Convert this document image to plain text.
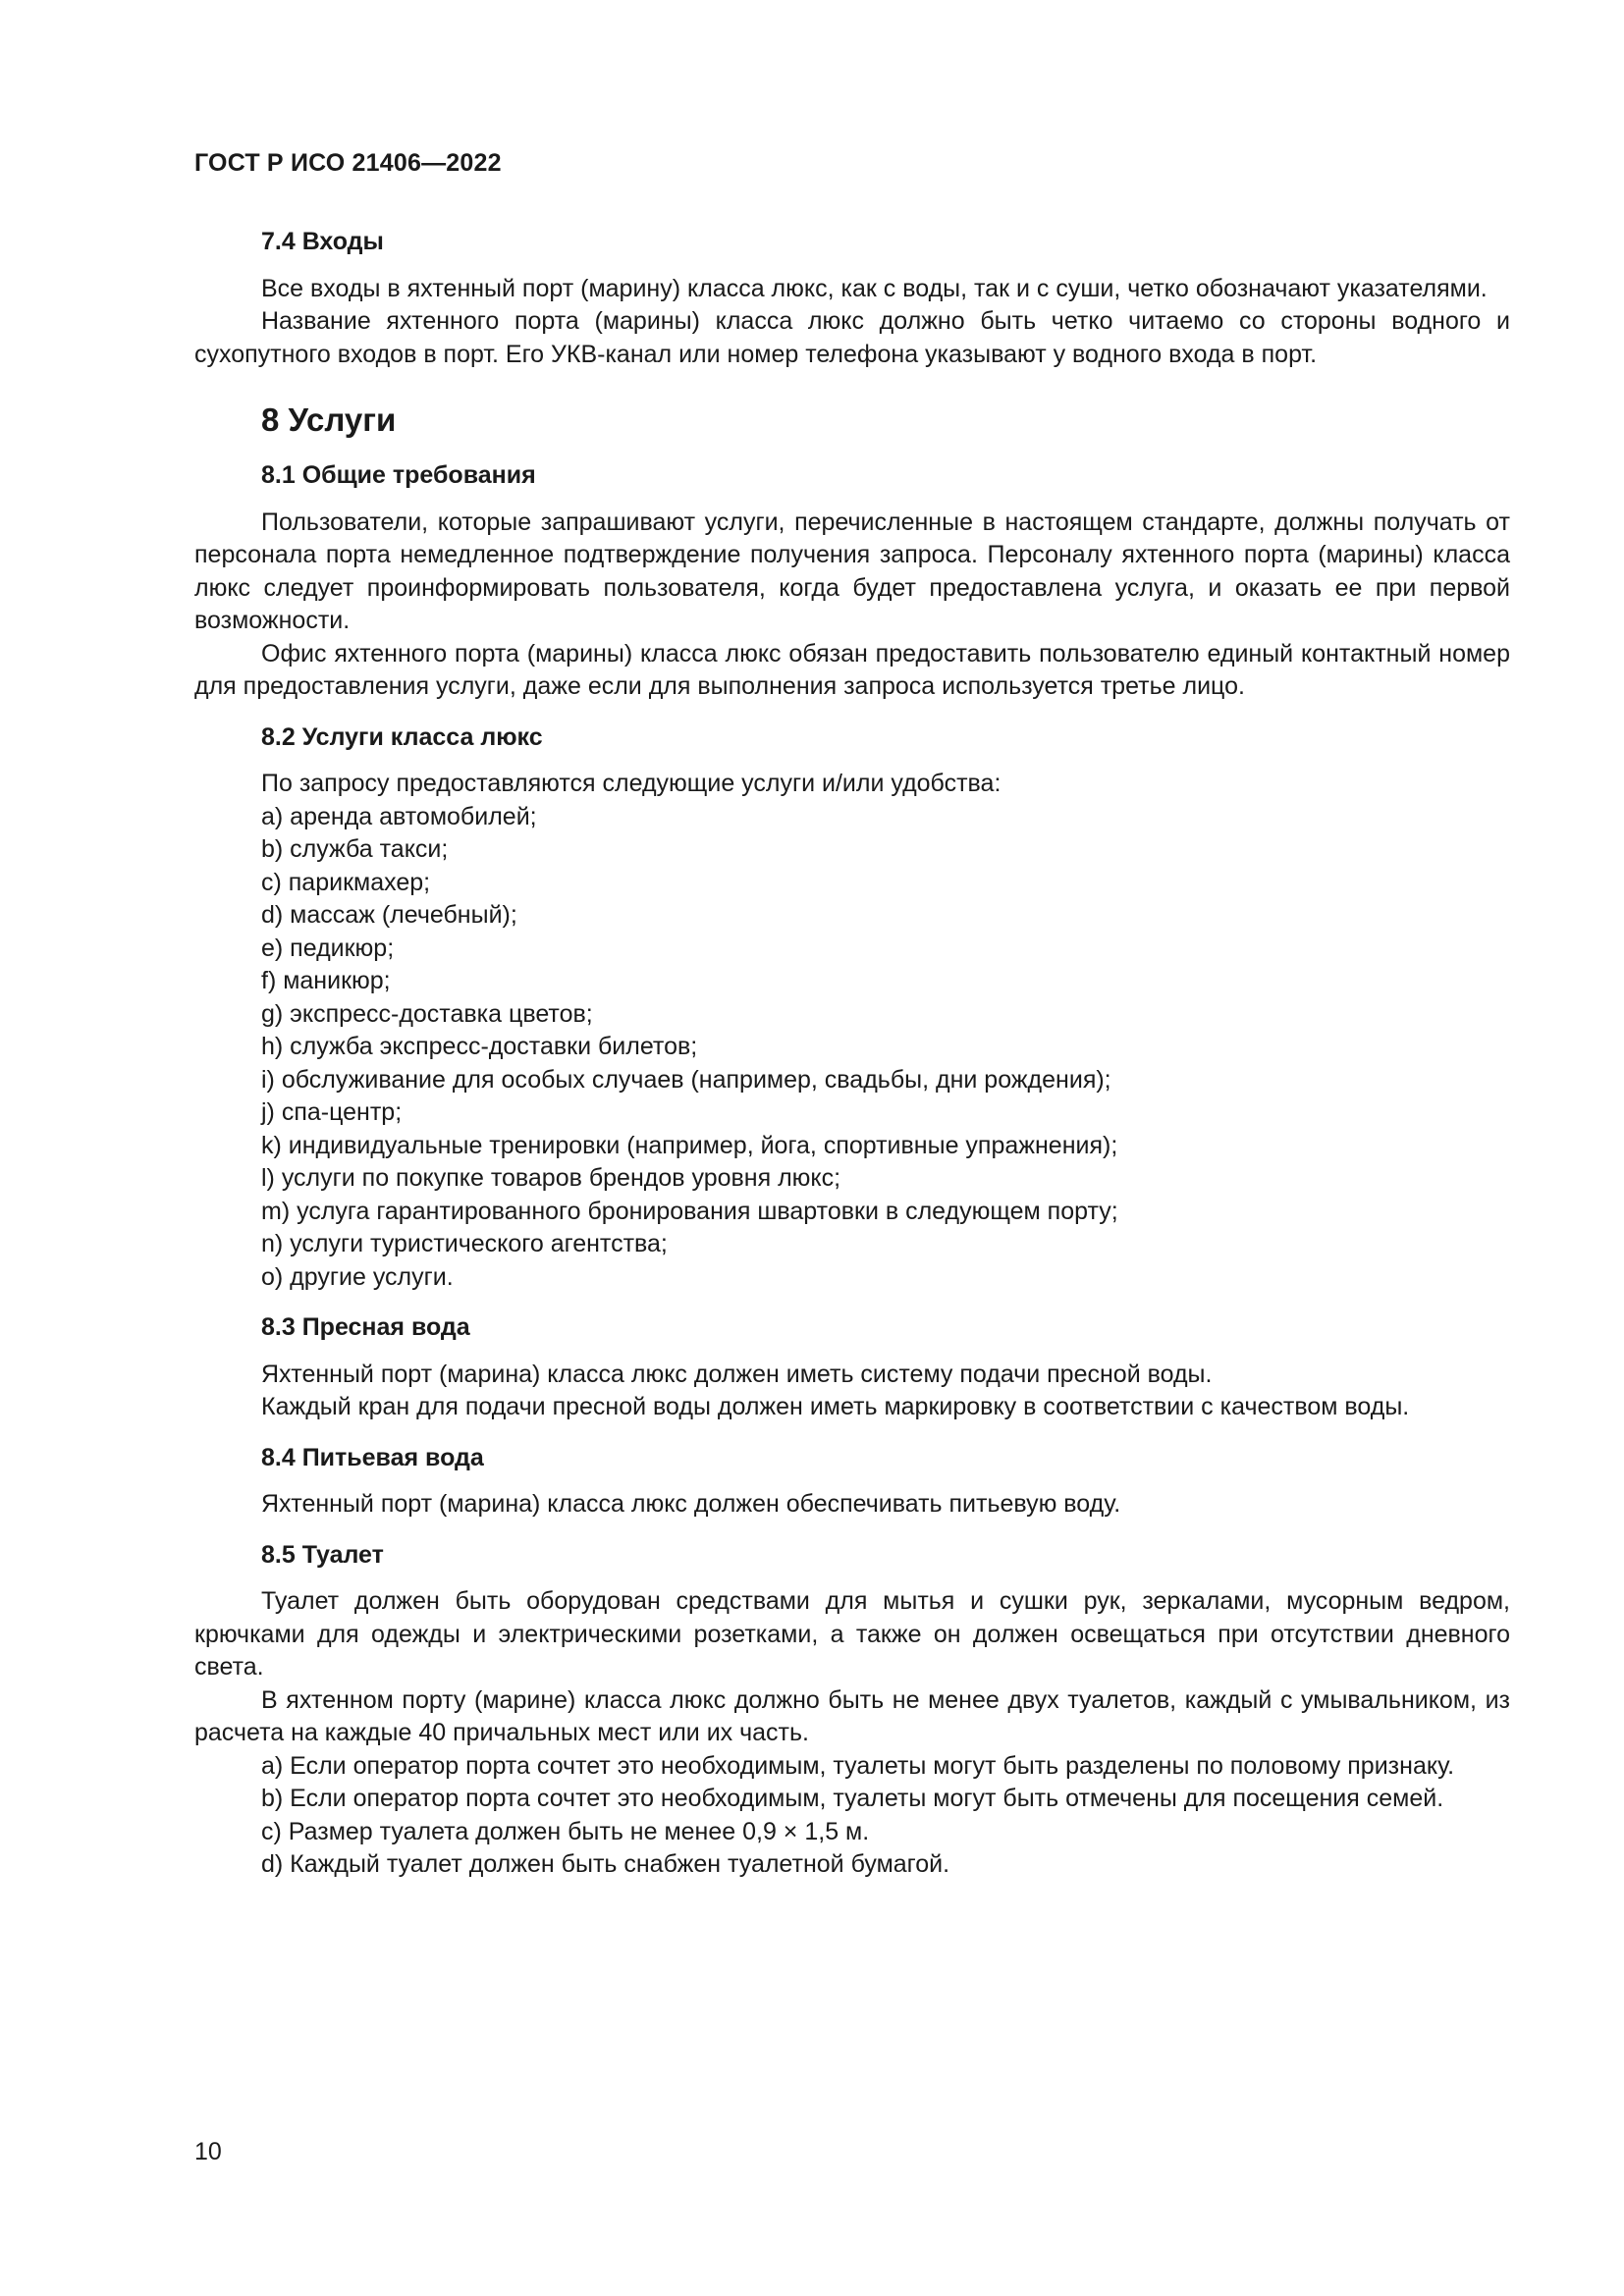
ГОСТ Р ИСО 21406—2022
7.4 Входы

Все входы в яхтенный порт (марину) класса люкс, как с воды, так и с суши, четко обозначают указателями.

Название яхтенного порта (марины) класса люкс должно быть четко читаемо со стороны водного и сухопутного входов в порт. Его УКВ-канал или номер телефона указывают у водного входа в порт.

8 Услуги
8.1 Общие требования

Пользователи, которые запрашивают услуги, перечисленные в настоящем стандарте, должны получать от персонала порта немедленное подтверждение получения запроса. Персоналу яхтенного порта (марины) класса люкс следует проинформировать пользователя, когда будет предоставлена услуга, и оказать ее при первой возможности.

Офис яхтенного порта (марины) класса люкс обязан предоставить пользователю единый контактный номер для предоставления услуги, даже если для выполнения запроса используется третье лицо.

8.2 Услуги класса люкс

По запросу предоставляются следующие услуги и/или удобства:

a) аренда автомобилей;
b) служба такси;
c) парикмахер;
d) массаж (лечебный);
e) педикюр;
f) маникюр;
g) экспресс-доставка цветов;
h) служба экспресс-доставки билетов;
i) обслуживание для особых случаев (например, свадьбы, дни рождения);
j) спа-центр;
k) индивидуальные тренировки (например, йога, спортивные упражнения);
l) услуги по покупке товаров брендов уровня люкс;
m) услуга гарантированного бронирования швартовки в следующем порту;
n) услуги туристического агентства;
o) другие услуги.
8.3 Пресная вода

Яхтенный порт (марина) класса люкс должен иметь систему подачи пресной воды.

Каждый кран для подачи пресной воды должен иметь маркировку в соответствии с качеством воды.

8.4 Питьевая вода

Яхтенный порт (марина) класса люкс должен обеспечивать питьевую воду.

8.5 Туалет

Туалет должен быть оборудован средствами для мытья и сушки рук, зеркалами, мусорным ведром, крючками для одежды и электрическими розетками, а также он должен освещаться при отсутствии дневного света.

В яхтенном порту (марине) класса люкс должно быть не менее двух туалетов, каждый с умывальником, из расчета на каждые 40 причальных мест или их часть.

a) Если оператор порта сочтет это необходимым, туалеты могут быть разделены по половому признаку.

b) Если оператор порта сочтет это необходимым, туалеты могут быть отмечены для посещения семей.

c) Размер туалета должен быть не менее 0,9 × 1,5 м.

d) Каждый туалет должен быть снабжен туалетной бумагой.

10
